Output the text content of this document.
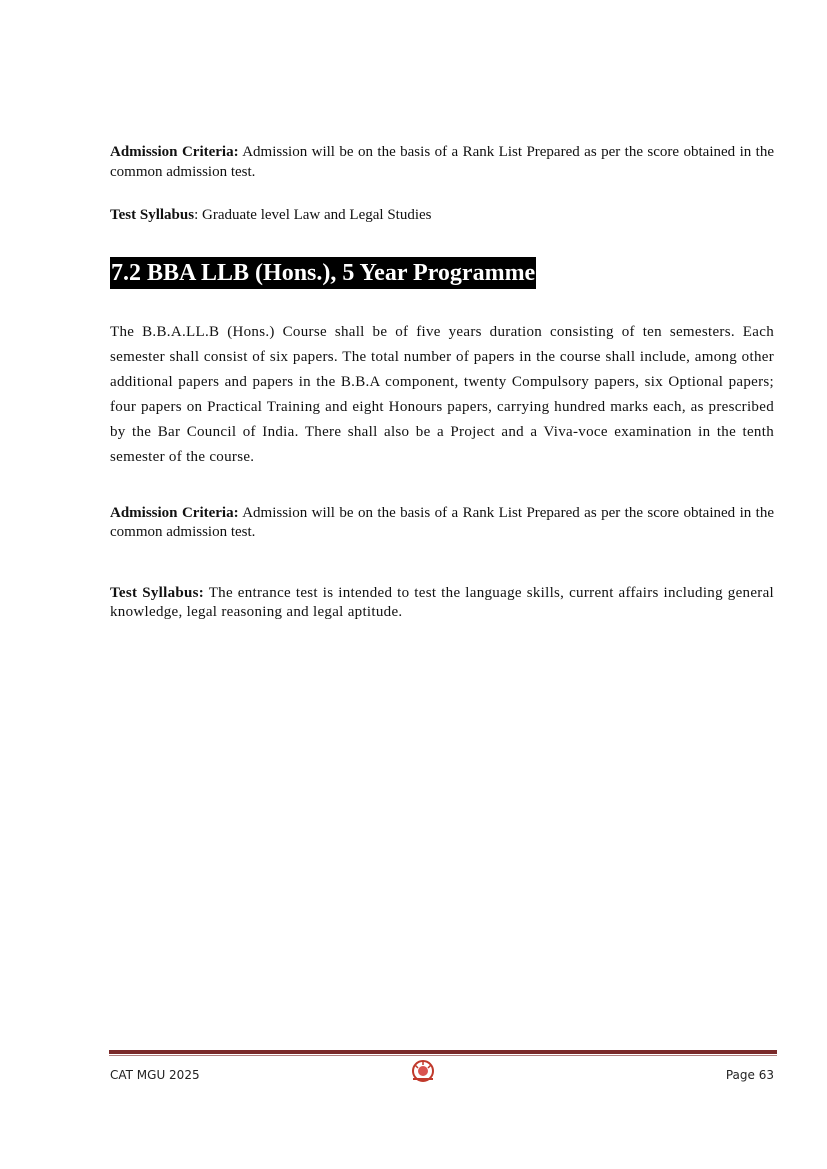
Admission Criteria: Admission will be on the basis of a Rank List Prepared as per the score obtained in the common admission test.

Test Syllabus: Graduate level Law and Legal Studies

7.2 BBA LLB (Hons.), 5 Year Programme

The B.B.A.LL.B (Hons.) Course shall be of five years duration consisting of ten semesters. Each semester shall consist of six papers. The total number of papers in the course shall include, among other additional papers and papers in the B.B.A component, twenty Compulsory papers, six Optional papers; four papers on Practical Training and eight Honours papers, carrying hundred marks each, as prescribed by the Bar Council of India. There shall also be a Project and a Viva-voce examination in the tenth semester of the course.

Admission Criteria: Admission will be on the basis of a Rank List Prepared as per the score obtained in the common admission test.

Test Syllabus: The entrance test is intended to test the language skills, current affairs including general knowledge, legal reasoning and legal aptitude.

CAT MGU 2025	Page 63
